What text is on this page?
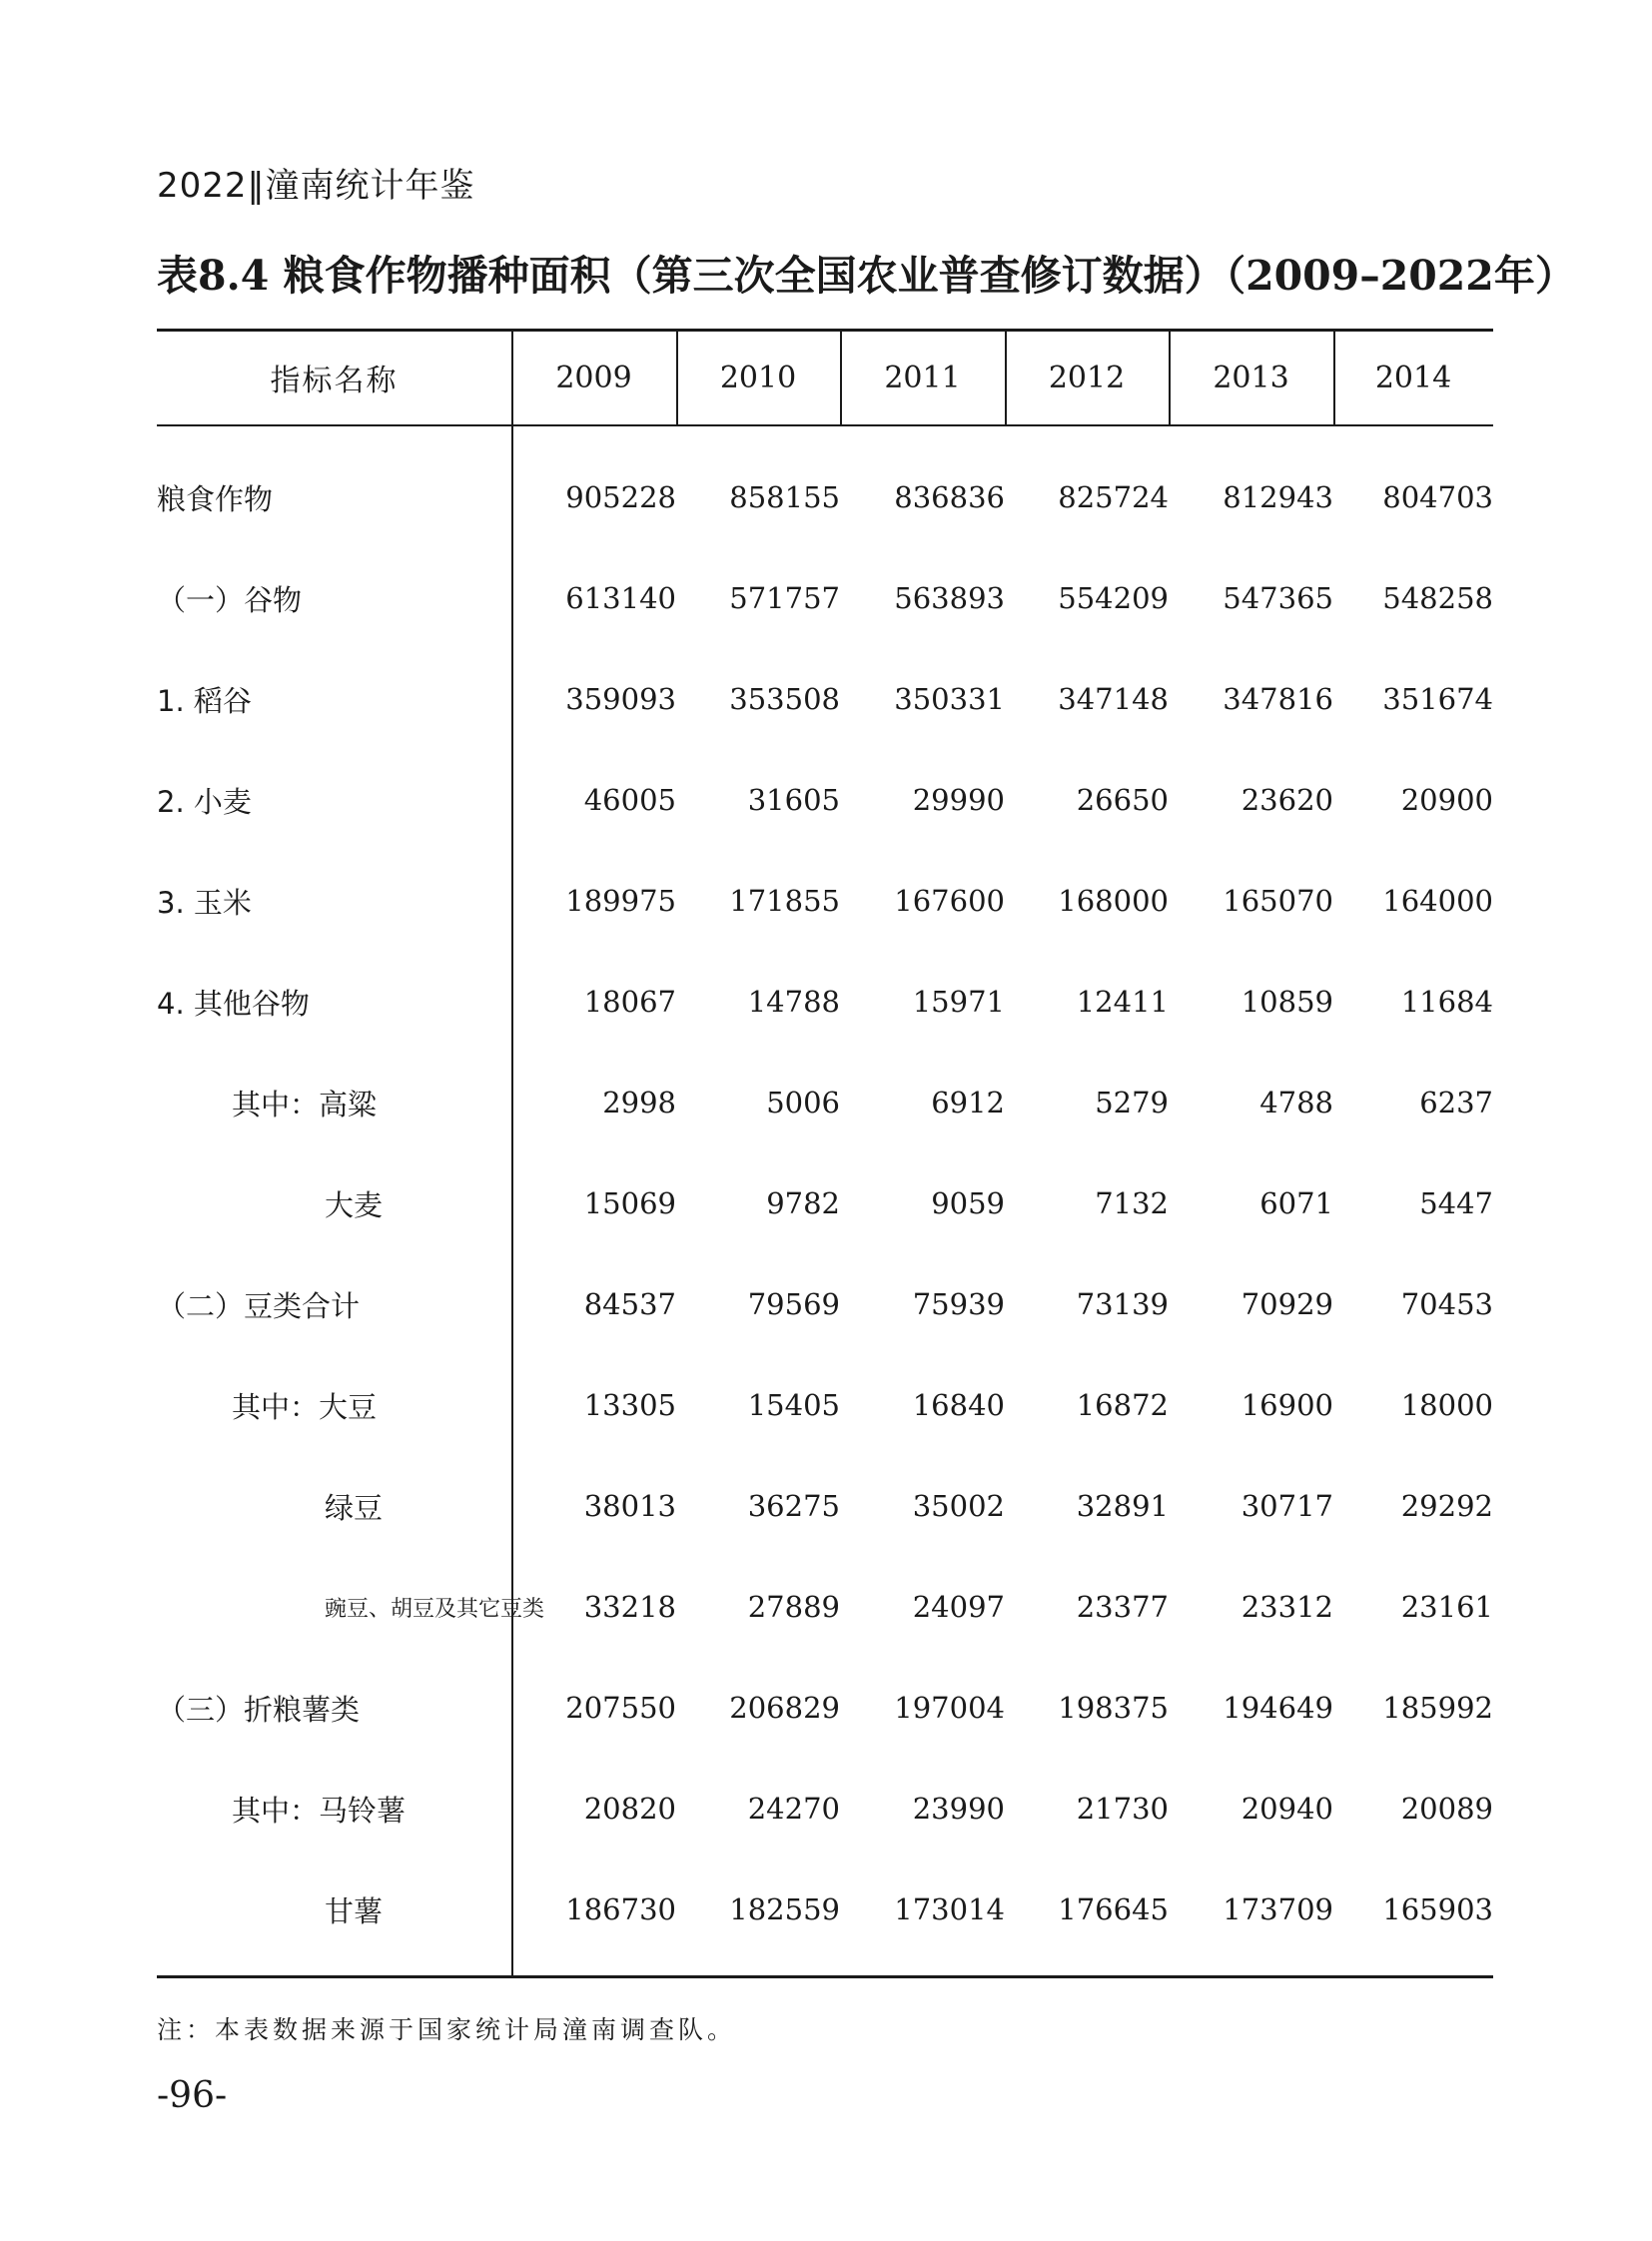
2022‖潼南统计年鉴
表8.4 粮食作物播种面积（第三次全国农业普查修订数据）（2009–2022年）
指标名称	2009	2010	2011	2012	2013	2014
粮食作物	905228	858155	836836	825724	812943	804703
（一）谷物	613140	571757	563893	554209	547365	548258
1. 稻谷	359093	353508	350331	347148	347816	351674
2. 小麦	46005	31605	29990	26650	23620	20900
3. 玉米	189975	171855	167600	168000	165070	164000
4. 其他谷物	18067	14788	15971	12411	10859	11684
其中：高粱	2998	5006	6912	5279	4788	6237
大麦	15069	9782	9059	7132	6071	5447
（二）豆类合计	84537	79569	75939	73139	70929	70453
其中：大豆	13305	15405	16840	16872	16900	18000
绿豆	38013	36275	35002	32891	30717	29292
豌豆、胡豆及其它豆类	33218	27889	24097	23377	23312	23161
（三）折粮薯类	207550	206829	197004	198375	194649	185992
其中：马铃薯	20820	24270	23990	21730	20940	20089
甘薯	186730	182559	173014	176645	173709	165903
注：本表数据来源于国家统计局潼南调查队。
-96-
